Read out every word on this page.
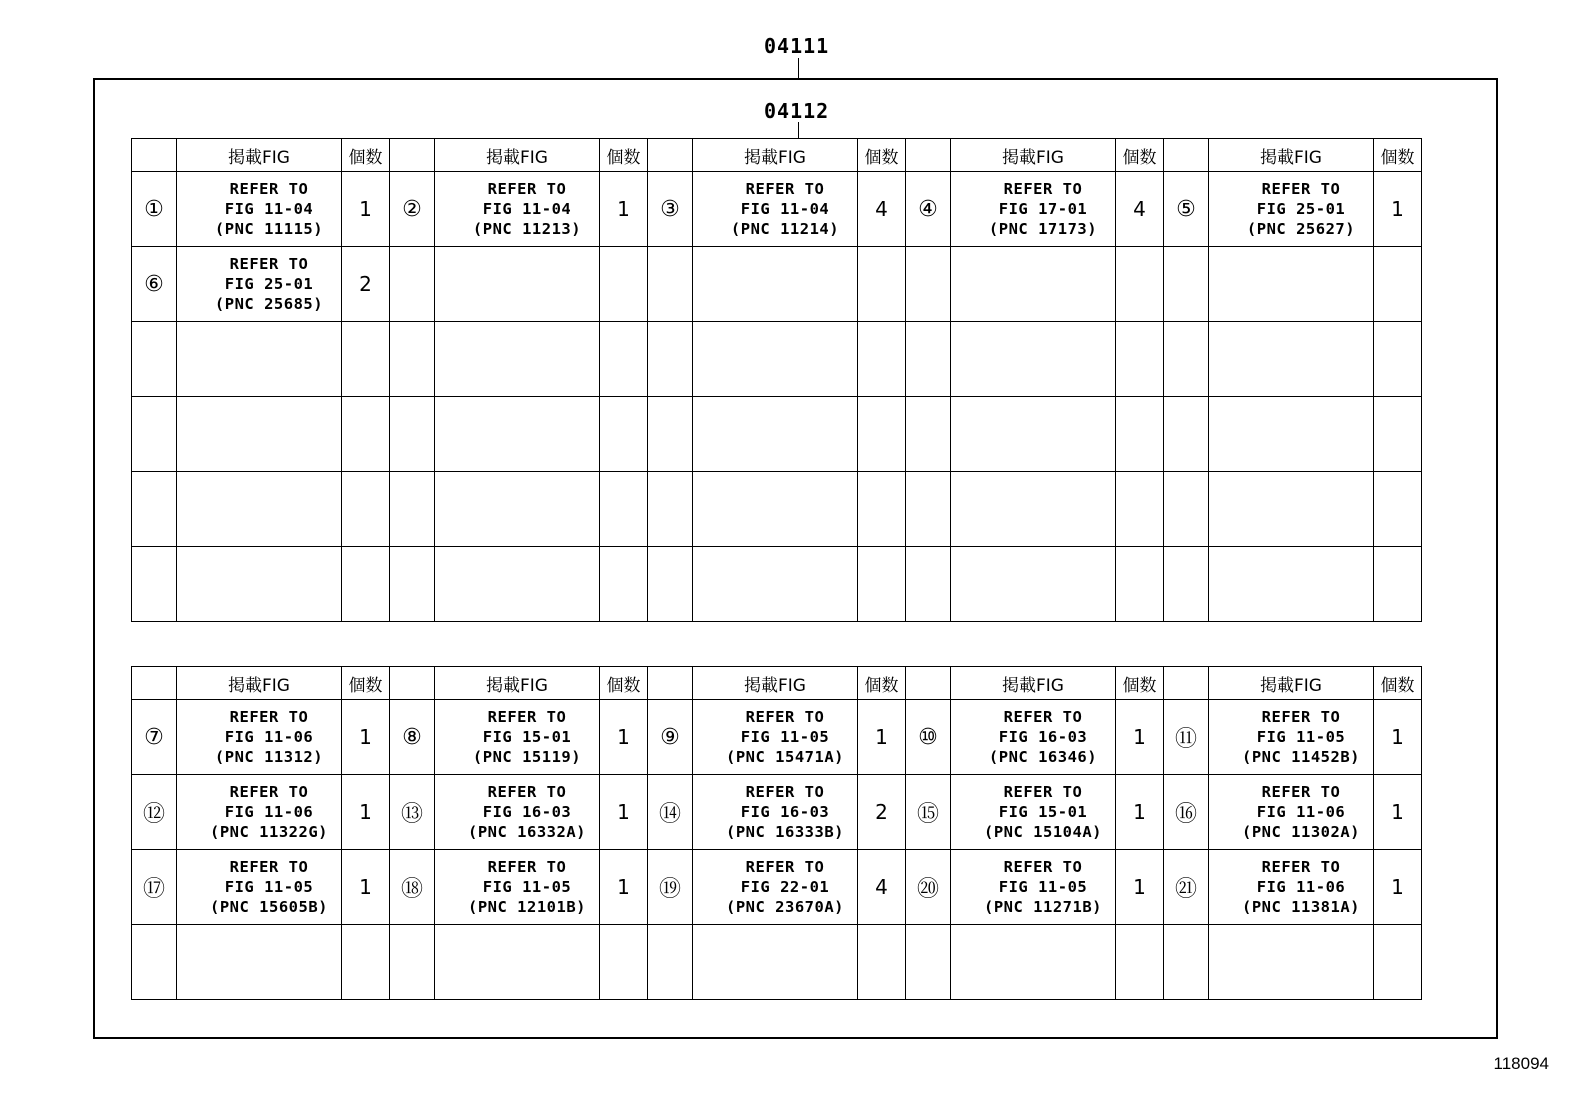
04111
04112
	掲載FIG	個数		掲載FIG	個数		掲載FIG	個数		掲載FIG	個数		掲載FIG	個数
①	REFER TO
FIG 11-04
(PNC 11115)	1	②	REFER TO
FIG 11-04
(PNC 11213)	1	③	REFER TO
FIG 11-04
(PNC 11214)	4	④	REFER TO
FIG 17-01
(PNC 17173)	4	⑤	REFER TO
FIG 25-01
(PNC 25627)	1
⑥	REFER TO
FIG 25-01
(PNC 25685)	2		

	掲載FIG	個数		掲載FIG	個数		掲載FIG	個数		掲載FIG	個数		掲載FIG	個数
⑦	REFER TO
FIG 11-06
(PNC 11312)	1	⑧	REFER TO
FIG 15-01
(PNC 15119)	1	⑨	REFER TO
FIG 11-05
(PNC 15471A)	1	⑩	REFER TO
FIG 16-03
(PNC 16346)	1	⑪	REFER TO
FIG 11-05
(PNC 11452B)	1
⑫	REFER TO
FIG 11-06
(PNC 11322G)	1	⑬	REFER TO
FIG 16-03
(PNC 16332A)	1	⑭	REFER TO
FIG 16-03
(PNC 16333B)	2	⑮	REFER TO
FIG 15-01
(PNC 15104A)	1	⑯	REFER TO
FIG 11-06
(PNC 11302A)	1
⑰	REFER TO
FIG 11-05
(PNC 15605B)	1	⑱	REFER TO
FIG 11-05
(PNC 12101B)	1	⑲	REFER TO
FIG 22-01
(PNC 23670A)	4	⑳	REFER TO
FIG 11-05
(PNC 11271B)	1	㉑	REFER TO
FIG 11-06
(PNC 11381A)	1

118094
